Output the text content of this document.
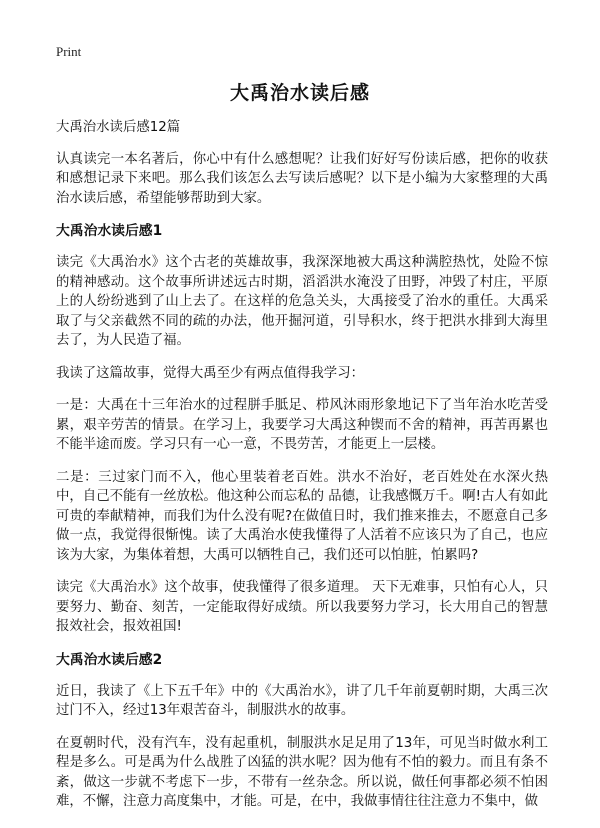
Print
大禹治水读后感

大禹治水读后感12篇

认真读完一本名著后，你心中有什么感想呢？让我们好好写份读后感，把你的收获和感想记录下来吧。那么我们该怎么去写读后感呢？以下是小编为大家整理的大禹治水读后感，希望能够帮助到大家。

大禹治水读后感1

读完《大禹治水》这个古老的英雄故事，我深深地被大禹这种满腔热忱，处险不惊的精神感动。这个故事所讲述远古时期，滔滔洪水淹没了田野，冲毁了村庄，平原上的人纷纷逃到了山上去了。在这样的危急关头，大禹接受了治水的重任。大禹采取了与父亲截然不同的疏的办法，他开掘河道，引导积水，终于把洪水排到大海里去了，为人民造了福。

我读了这篇故事，觉得大禹至少有两点值得我学习：

一是：大禹在十三年治水的过程胼手胝足、栉风沐雨形象地记下了当年治水吃苦受累，艰辛劳苦的情景。在学习上，我要学习大禹这种锲而不舍的精神，再苦再累也不能半途而废。学习只有一心一意，不畏劳苦，才能更上一层楼。

二是：三过家门而不入，他心里装着老百姓。洪水不治好，老百姓处在水深火热中，自己不能有一丝放松。他这种公而忘私的 品德，让我感慨万千。啊!古人有如此可贵的奉献精神，而我们为什么没有呢?在做值日时，我们推来推去，不愿意自己多做一点，我觉得很惭愧。读了大禹治水使我懂得了人活着不应该只为了自己，也应该为大家，为集体着想，大禹可以牺牲自己，我们还可以怕脏，怕累吗?

读完《大禹治水》这个故事，使我懂得了很多道理。 天下无难事，只怕有心人，只要努力、勤奋、刻苦，一定能取得好成绩。所以我要努力学习，长大用自己的智慧报效社会，报效祖国!

大禹治水读后感2

近日，我读了《上下五千年》中的《大禹治水》，讲了几千年前夏朝时期，大禹三次过门不入，经过13年艰苦奋斗，制服洪水的故事。

在夏朝时代，没有汽车，没有起重机，制服洪水足足用了13年，可见当时做水利工程是多么。可是禹为什么战胜了凶猛的洪水呢？因为他有不怕的毅力。而且有条不紊，做这一步就不考虑下一步，不带有一丝杂念。所以说，做任何事都必须不怕困难，不懈，注意力高度集中，才能。可是，在中，我做事情往往注意力不集中，做
